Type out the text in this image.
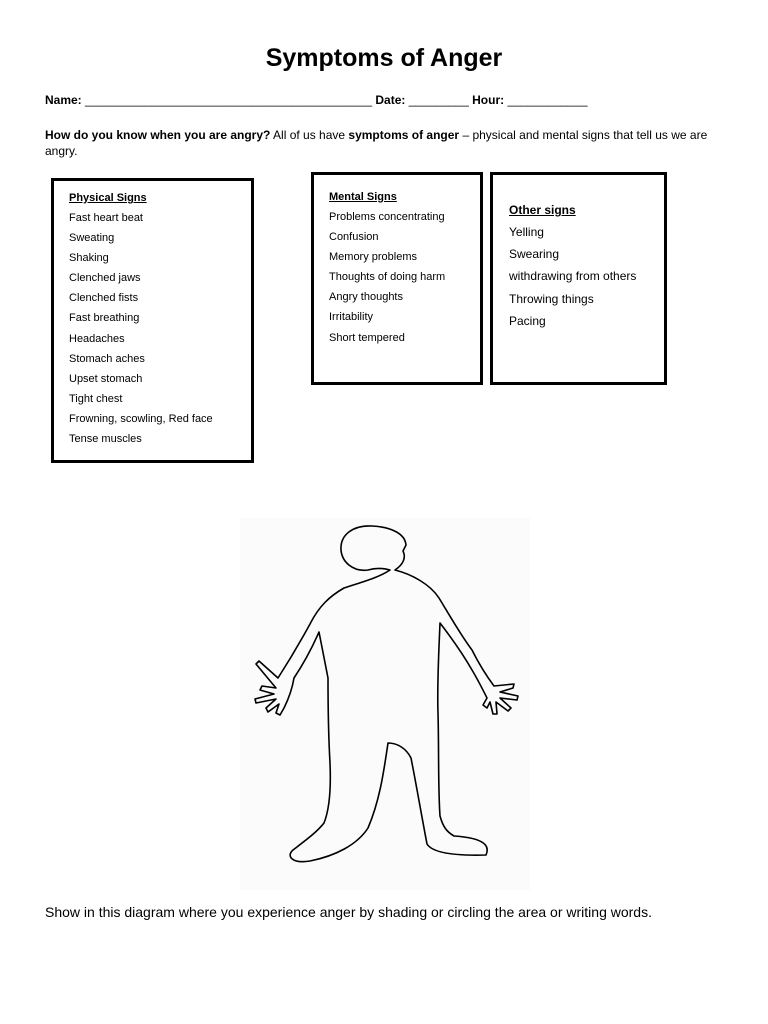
Symptoms of Anger
Name: ___________________________________________ Date: _________ Hour: ____________
How do you know when you are angry? All of us have symptoms of anger – physical and mental signs that tell us we are angry.
Physical Signs
Fast heart beat
Sweating
Shaking
Clenched jaws
Clenched fists
Fast breathing
Headaches
Stomach aches
Upset stomach
Tight chest
Frowning, scowling, Red face
Tense muscles
Mental Signs
Problems concentrating
Confusion
Memory problems
Thoughts of doing harm
Angry thoughts
Irritability
Short tempered
Other signs
Yelling
Swearing
withdrawing from others
Throwing things
Pacing
Show in this diagram where you experience anger by shading or circling the area or writing words.
